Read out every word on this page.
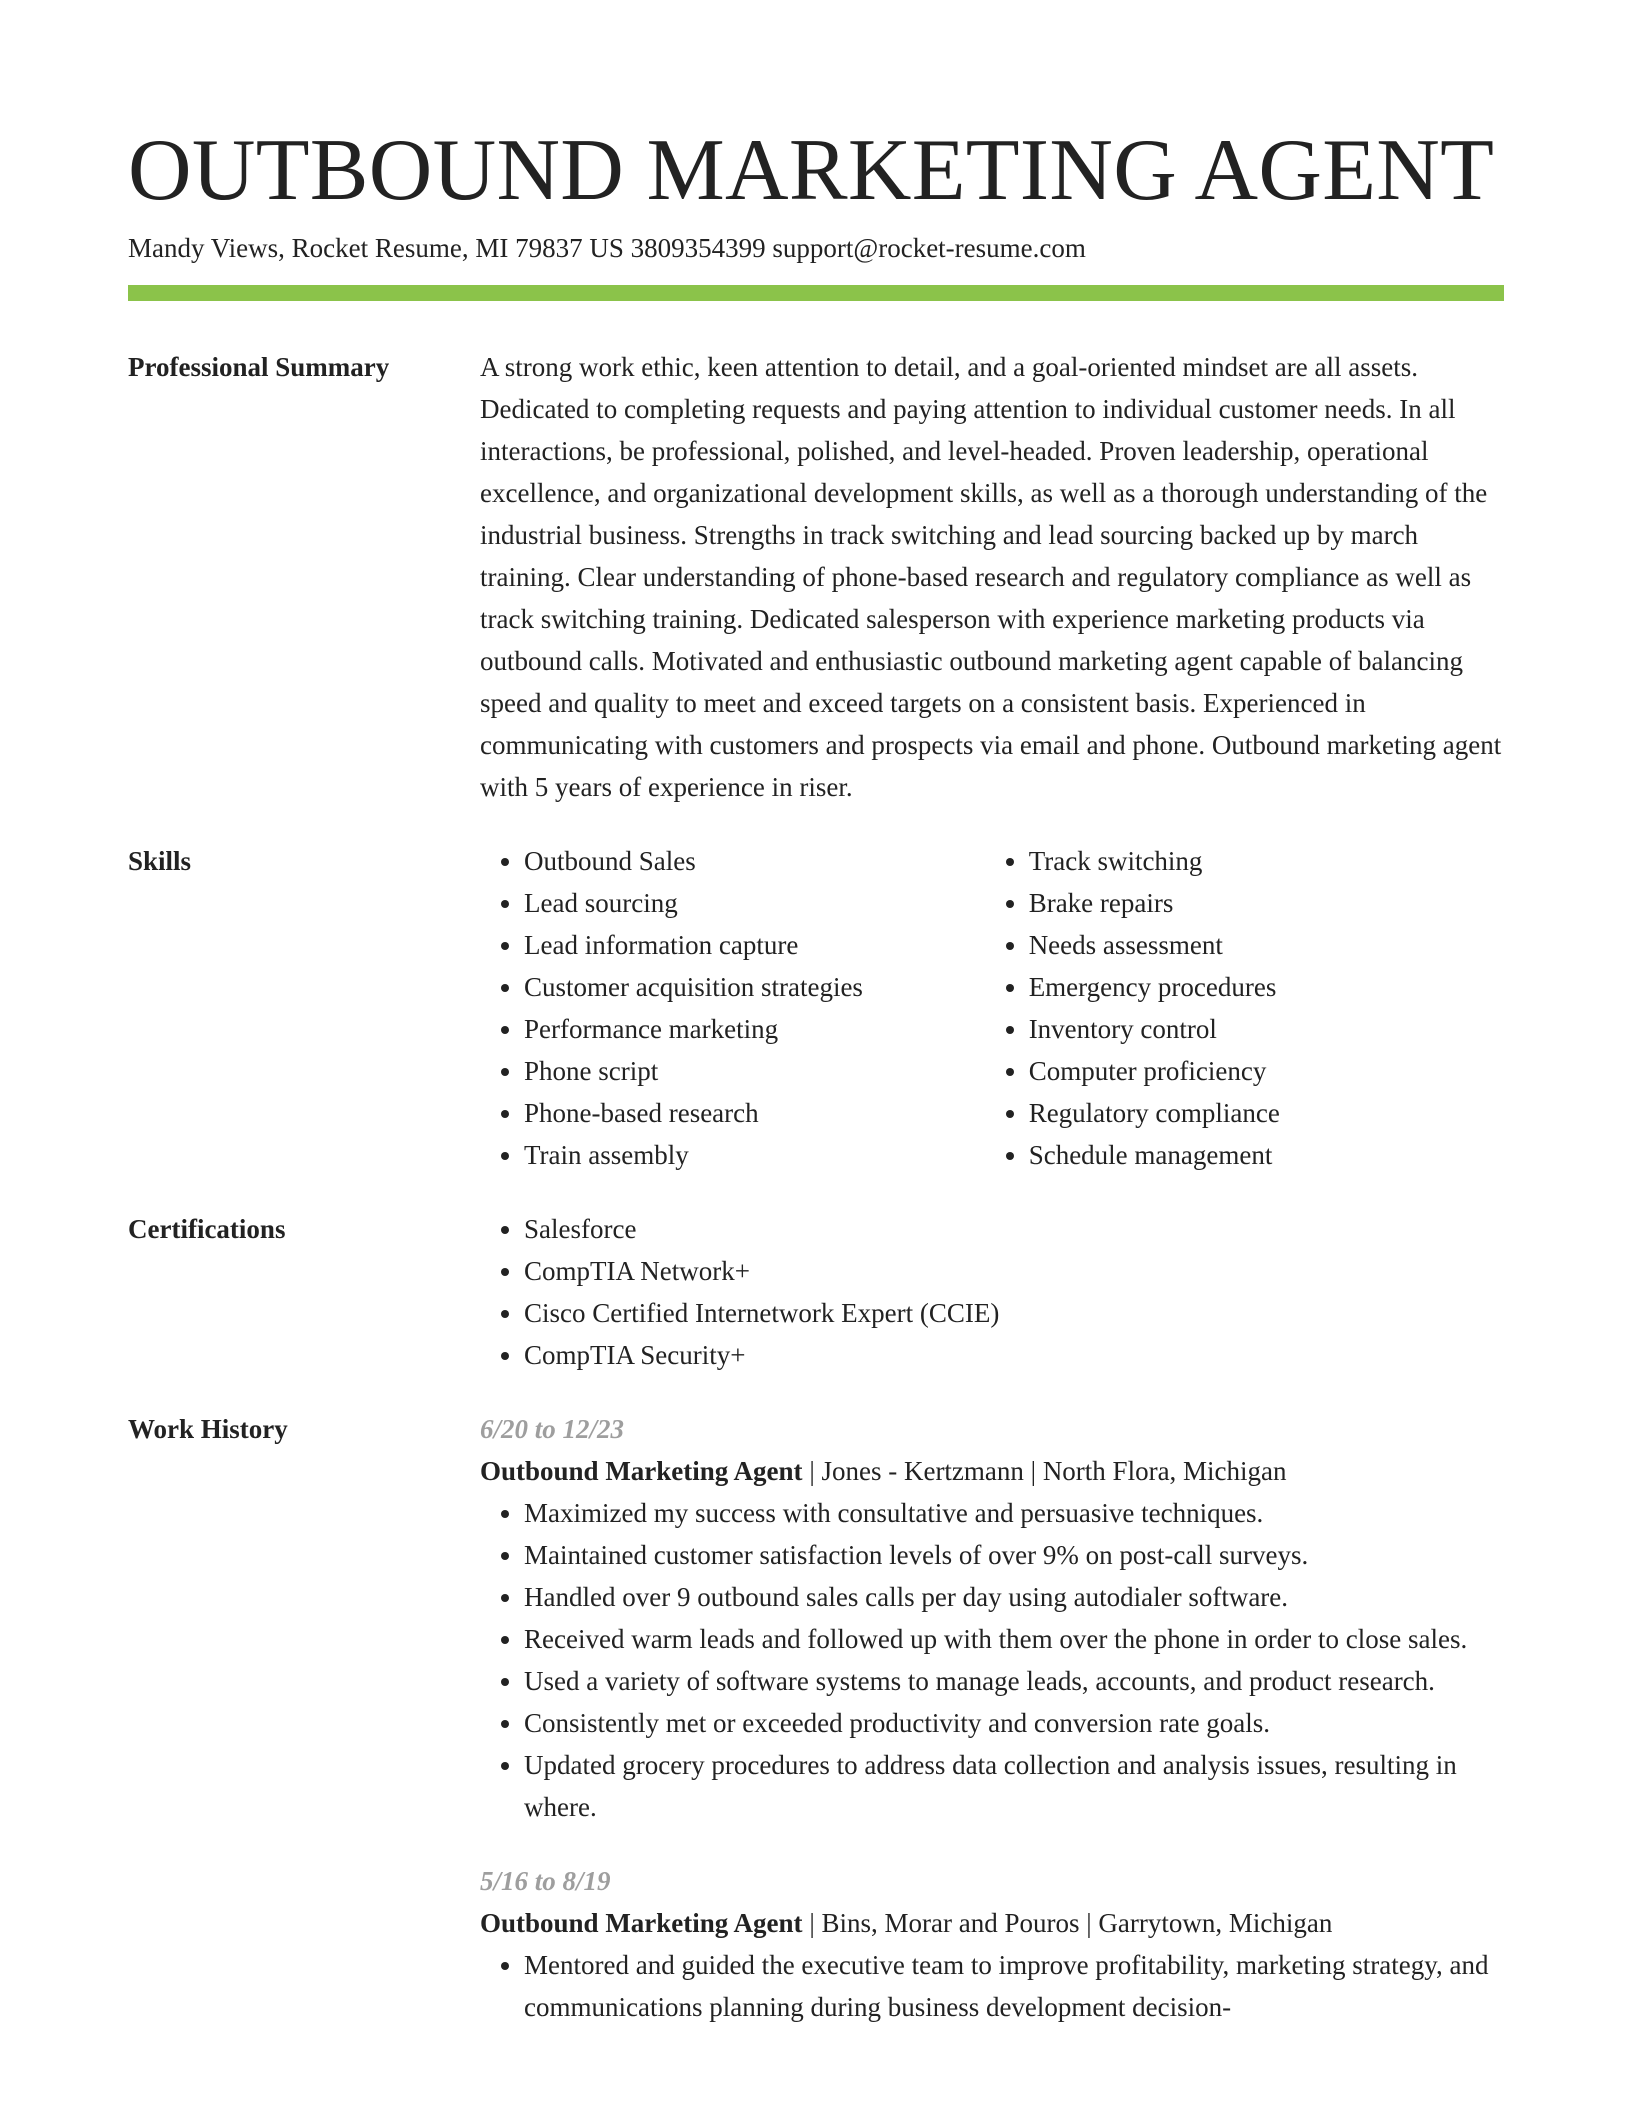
OUTBOUND MARKETING AGENT
Mandy Views, Rocket Resume, MI 79837 US 3809354399 support@rocket-resume.com
Professional Summary	A strong work ethic, keen attention to detail, and a goal-oriented mindset are all assets. Dedicated to completing requests and paying attention to individual customer needs. In all interactions, be professional, polished, and level-headed. Proven leadership, operational excellence, and organizational development skills, as well as a thorough understanding of the industrial business. Strengths in track switching and lead sourcing backed up by march training. Clear understanding of phone-based research and regulatory compliance as well as track switching training. Dedicated salesperson with experience marketing products via outbound calls. Motivated and enthusiastic outbound marketing agent capable of balancing speed and quality to meet and exceed targets on a consistent basis. Experienced in communicating with customers and prospects via email and phone. Outbound marketing agent with 5 years of experience in riser.

Skills	• Outbound Sales
• Lead sourcing
• Lead information capture
• Customer acquisition strategies
• Performance marketing
• Phone script
• Phone-based research
• Train assembly
• Track switching
• Brake repairs
• Needs assessment
• Emergency procedures
• Inventory control
• Computer proficiency
• Regulatory compliance
• Schedule management
Certifications	• Salesforce
• CompTIA Network+
• Cisco Certified Internetwork Expert (CCIE)
• CompTIA Security+
Work History	6/20 to 12/23
Outbound Marketing Agent | Jones - Kertzmann | North Flora, Michigan
• Maximized my success with consultative and persuasive techniques.
• Maintained customer satisfaction levels of over 9% on post-call surveys.
• Handled over 9 outbound sales calls per day using autodialer software.
• Received warm leads and followed up with them over the phone in order to close sales.
• Used a variety of software systems to manage leads, accounts, and product research.
• Consistently met or exceeded productivity and conversion rate goals.
• Updated grocery procedures to address data collection and analysis issues, resulting in where.
5/16 to 8/19
Outbound Marketing Agent | Bins, Morar and Pouros | Garrytown, Michigan
• Mentored and guided the executive team to improve profitability, marketing strategy, and communications planning during business development decision-
